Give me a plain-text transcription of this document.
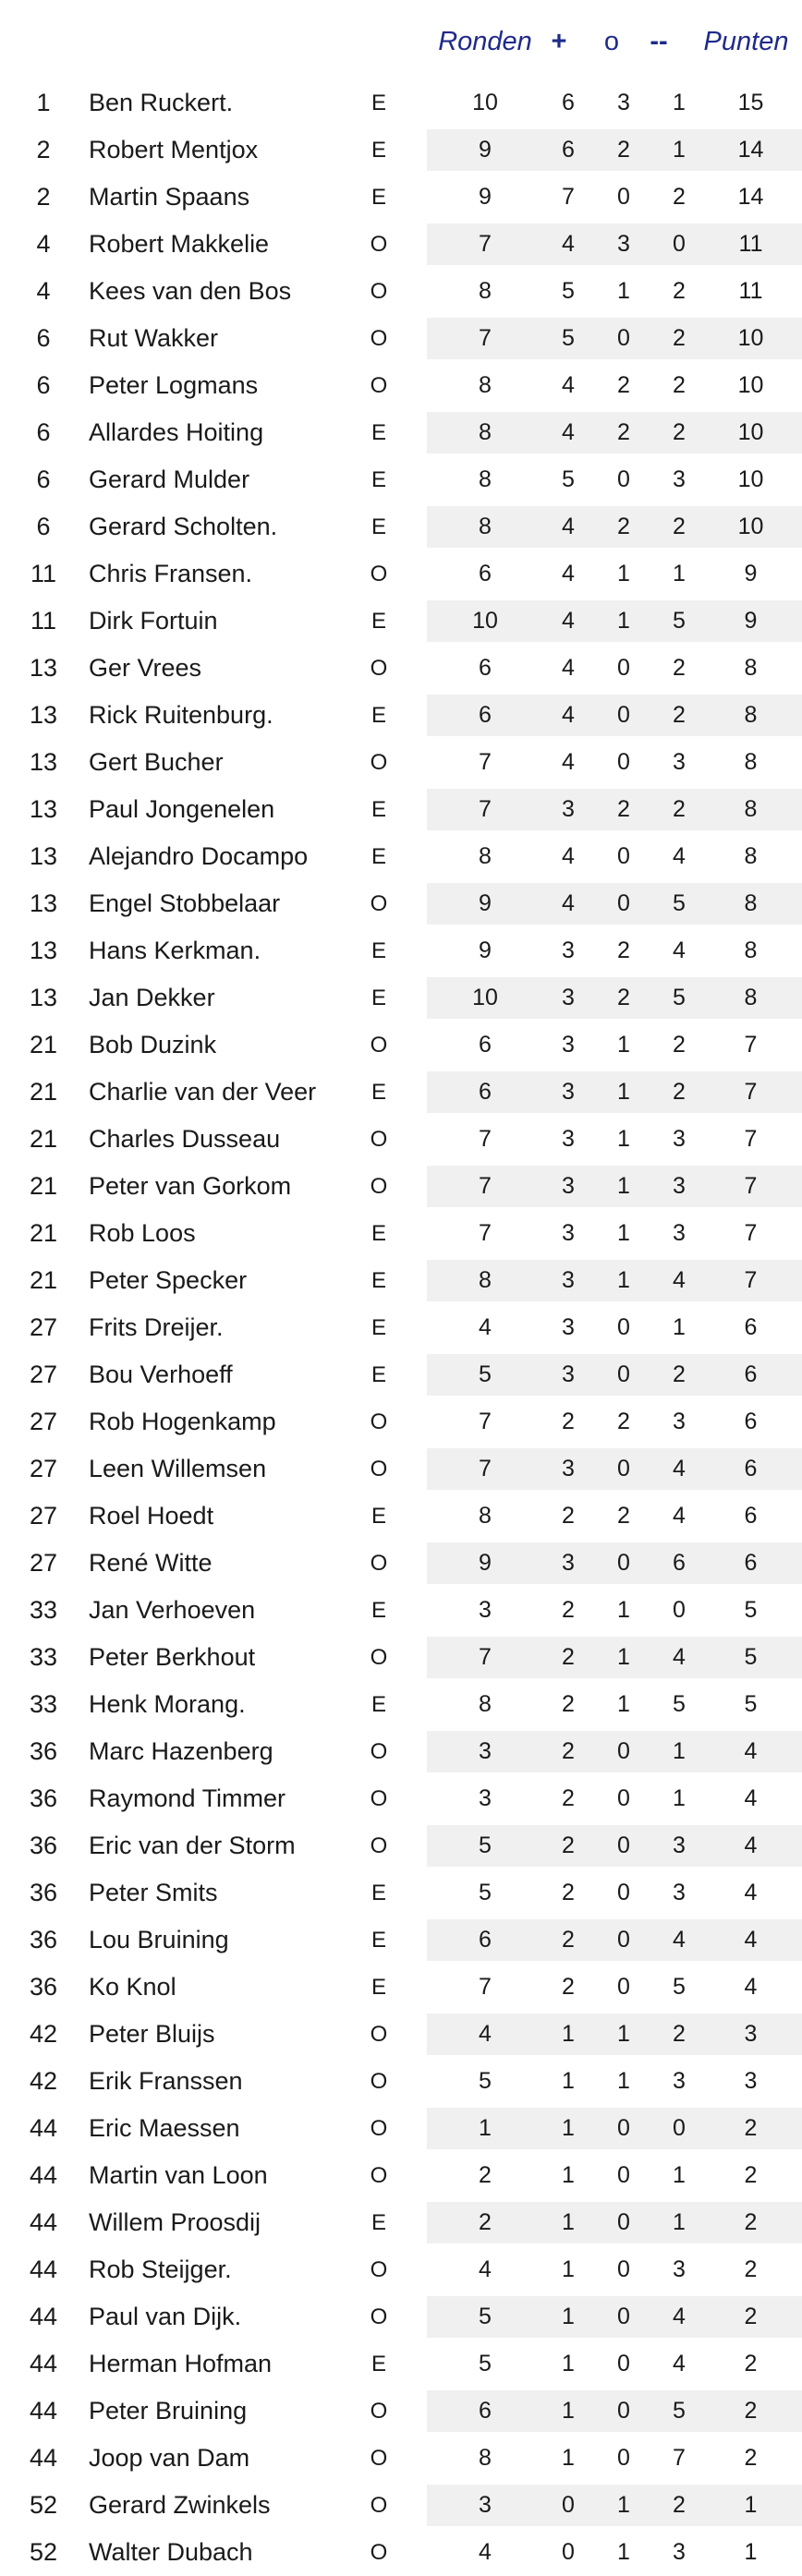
Ronden +	o	--	Punten
1	Ben Ruckert.	E	10	6	3	1	15
2	Robert Mentjox	E	9	6	2	1	14
2	Martin Spaans	E	9	7	0	2	14
4	Robert Makkelie	O	7	4	3	0	11
4	Kees van den Bos	O	8	5	1	2	11
6	Rut Wakker	O	7	5	0	2	10
6	Peter Logmans	O	8	4	2	2	10
6	Allardes Hoiting	E	8	4	2	2	10
6	Gerard Mulder	E	8	5	0	3	10
6	Gerard Scholten.	E	8	4	2	2	10
11	Chris Fransen.	O	6	4	1	1	9
11	Dirk Fortuin	E	10	4	1	5	9
13	Ger Vrees	O	6	4	0	2	8
13	Rick Ruitenburg.	E	6	4	0	2	8
13	Gert Bucher	O	7	4	0	3	8
13	Paul Jongenelen	E	7	3	2	2	8
13	Alejandro Docampo	E	8	4	0	4	8
13	Engel Stobbelaar	O	9	4	0	5	8
13	Hans Kerkman.	E	9	3	2	4	8
13	Jan Dekker	E	10	3	2	5	8
21	Bob Duzink	O	6	3	1	2	7
21	Charlie van der Veer	E	6	3	1	2	7
21	Charles Dusseau	O	7	3	1	3	7
21	Peter van Gorkom	O	7	3	1	3	7
21	Rob Loos	E	7	3	1	3	7
21	Peter Specker	E	8	3	1	4	7
27	Frits Dreijer.	E	4	3	0	1	6
27	Bou Verhoeff	E	5	3	0	2	6
27	Rob Hogenkamp	O	7	2	2	3	6
27	Leen Willemsen	O	7	3	0	4	6
27	Roel Hoedt	E	8	2	2	4	6
27	René Witte	O	9	3	0	6	6
33	Jan Verhoeven	E	3	2	1	0	5
33	Peter Berkhout	O	7	2	1	4	5
33	Henk Morang.	E	8	2	1	5	5
36	Marc Hazenberg	O	3	2	0	1	4
36	Raymond Timmer	O	3	2	0	1	4
36	Eric van der Storm	O	5	2	0	3	4
36	Peter Smits	E	5	2	0	3	4
36	Lou Bruining	E	6	2	0	4	4
36	Ko Knol	E	7	2	0	5	4
42	Peter Bluijs	O	4	1	1	2	3
42	Erik Franssen	O	5	1	1	3	3
44	Eric Maessen	O	1	1	0	0	2
44	Martin van Loon	O	2	1	0	1	2
44	Willem Proosdij	E	2	1	0	1	2
44	Rob Steijger.	O	4	1	0	3	2
44	Paul van Dijk.	O	5	1	0	4	2
44	Herman Hofman	E	5	1	0	4	2
44	Peter Bruining	O	6	1	0	5	2
44	Joop van Dam	O	8	1	0	7	2
52	Gerard Zwinkels	O	3	0	1	2	1
52	Walter Dubach	O	4	0	1	3	1
